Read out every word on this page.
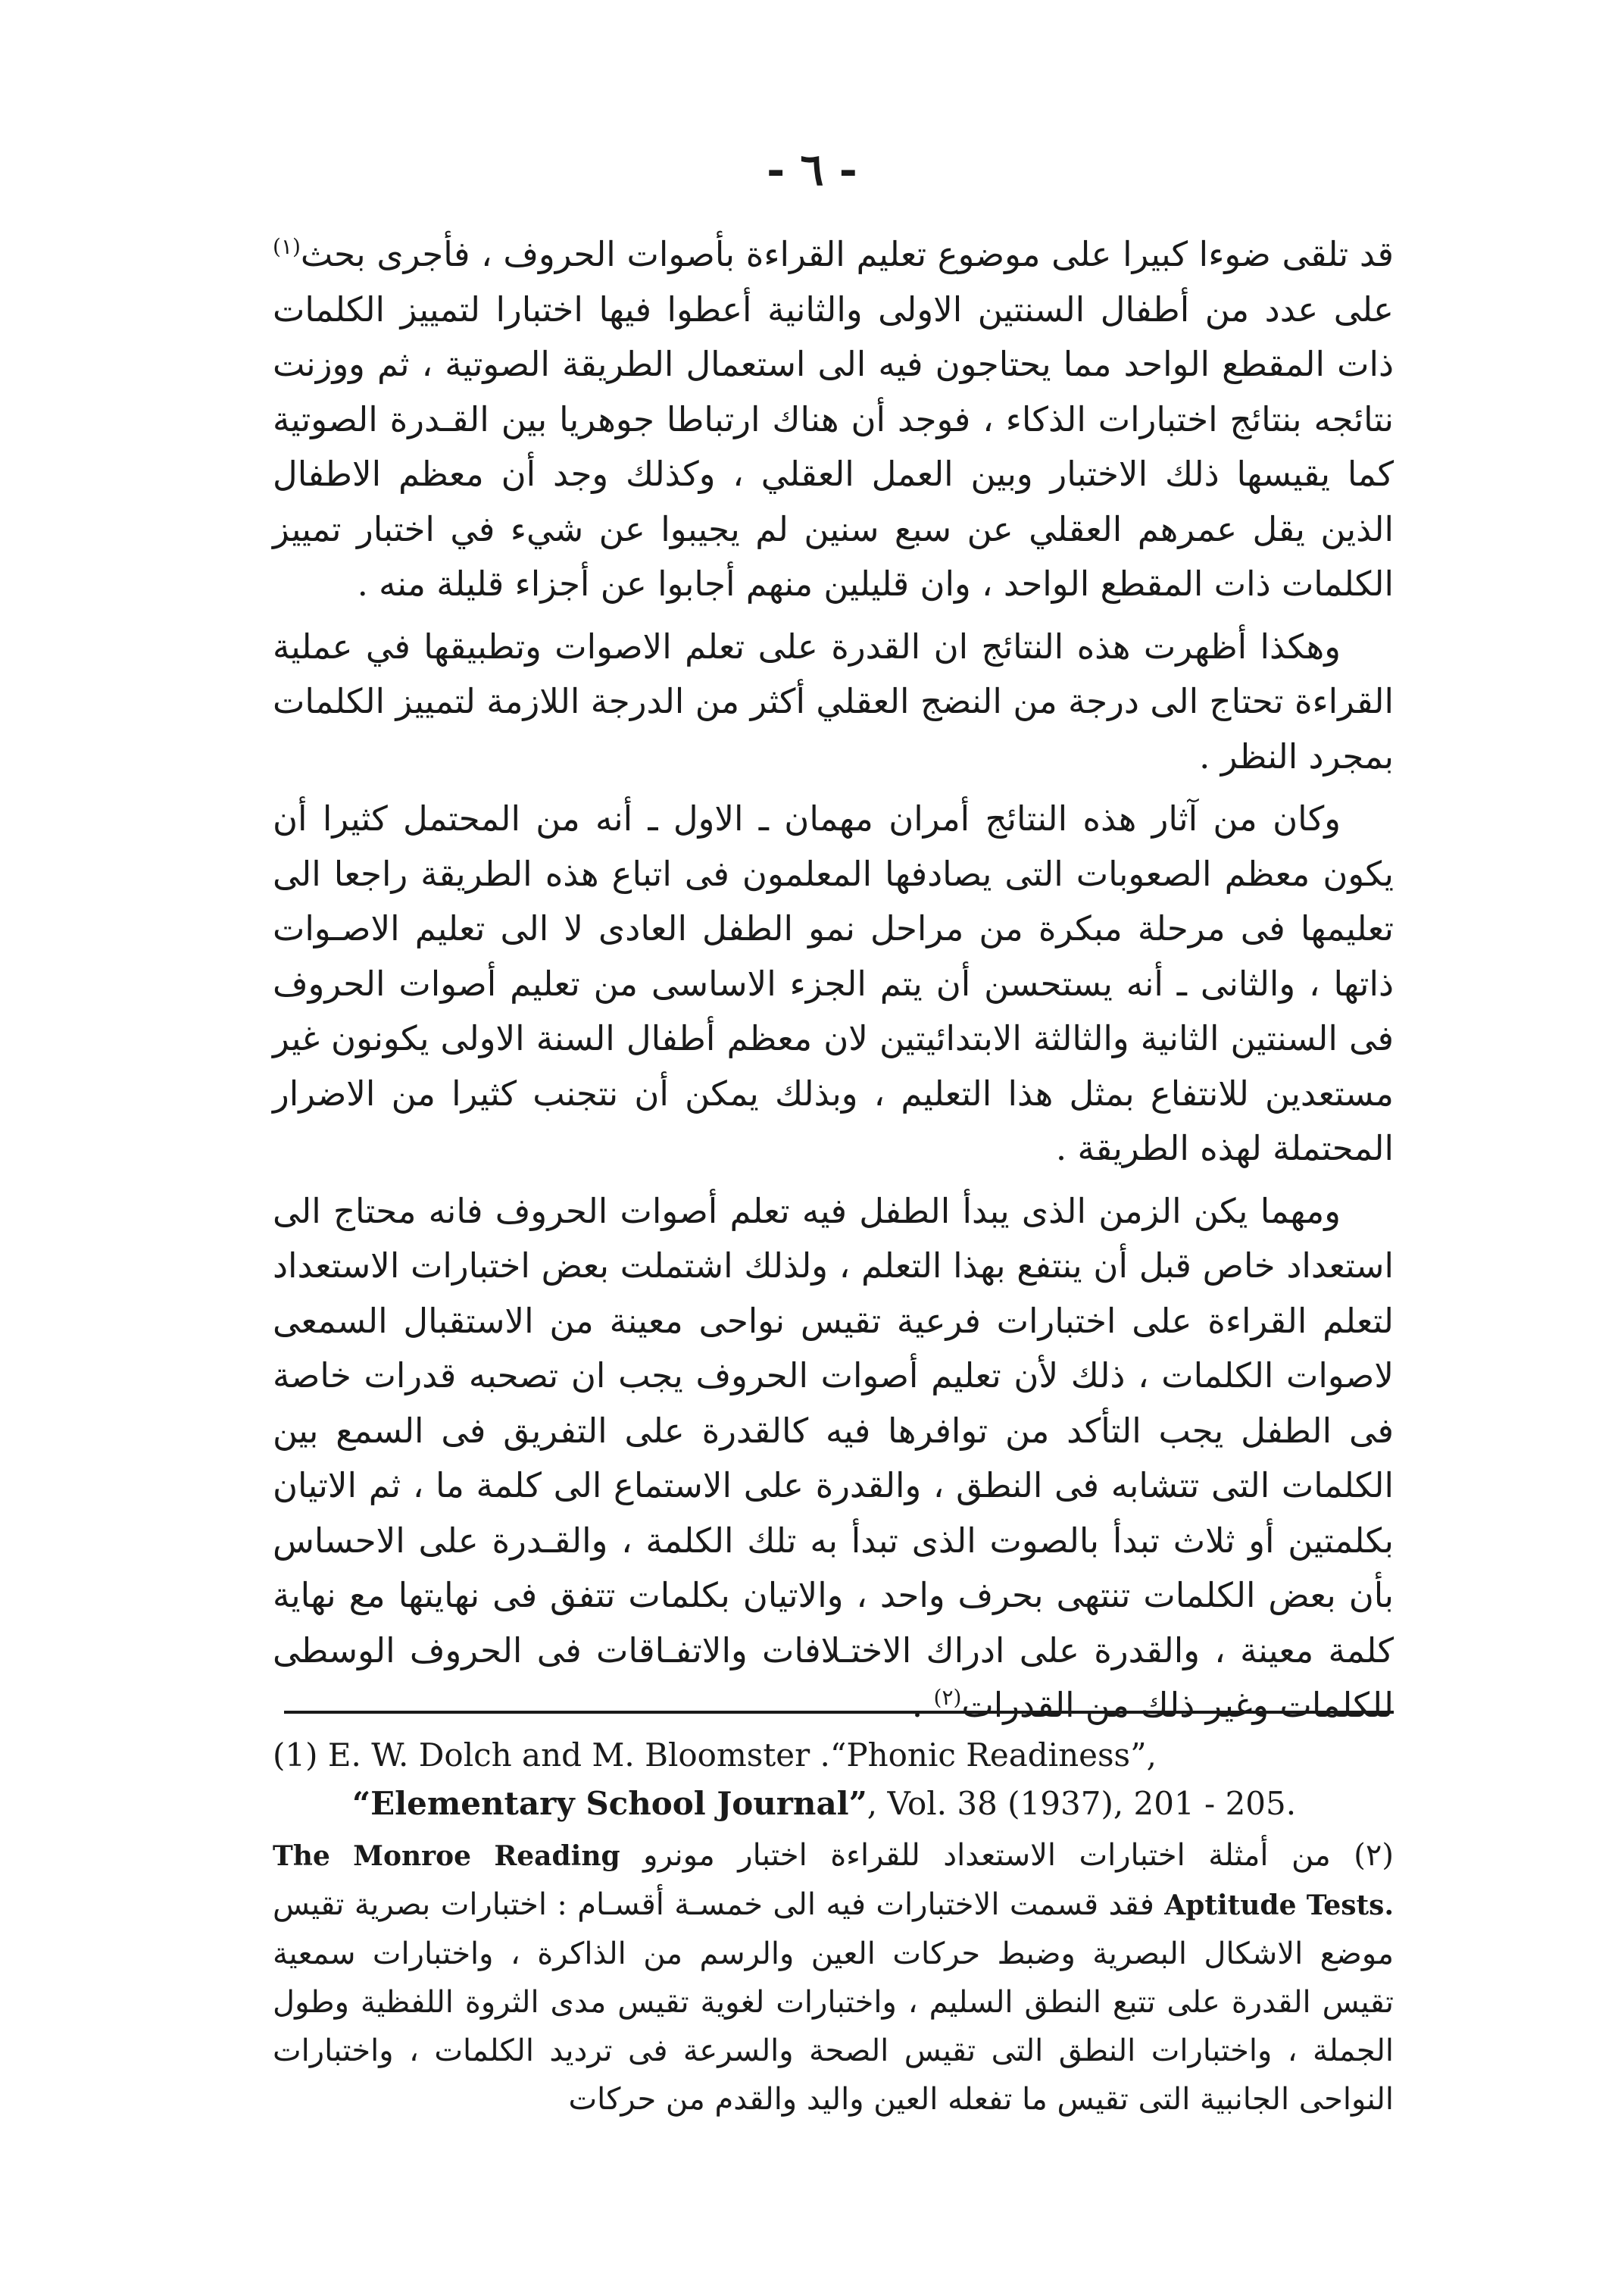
- ٦ -

قد تلقى ضوءا كبيرا على موضوع تعليم القراءة بأصوات الحروف ، فأجرى بحث$^{(١)}$ على عدد من أطفال السنتين الاولى والثانية أعطوا فيها اختبارا لتمييز الكلمات ذات المقطع الواحد مما يحتاجون فيه الى استعمال الطريقة الصوتية ، ثم ووزنت نتائجه بنتائج اختبارات الذكاء ، فوجد أن هناك ارتباطا جوهريا بين القـدرة الصوتية كما يقيسها ذلك الاختبار وبين العمل العقلي ، وكذلك وجد أن معظم الاطفال الذين يقل عمرهم العقلي عن سبع سنين لم يجيبوا عن شيء في اختبار تمييز الكلمات ذات المقطع الواحد ، وان قليلين منهم أجابوا عن أجزاء قليلة منه .

وهكذا أظهرت هذه النتائج ان القدرة على تعلم الاصوات وتطبيقها في عملية القراءة تحتاج الى درجة من النضج العقلي أكثر من الدرجة اللازمة لتمييز الكلمات بمجرد النظر .

وكان من آثار هذه النتائج أمران مهمان ـ الاول ـ أنه من المحتمل كثيرا أن يكون معظم الصعوبات التى يصادفها المعلمون فى اتباع هذه الطريقة راجعا الى تعليمها فى مرحلة مبكرة من مراحل نمو الطفل العادى لا الى تعليم الاصـوات ذاتها ، والثانى ـ أنه يستحسن أن يتم الجزء الاساسى من تعليم أصوات الحروف فى السنتين الثانية والثالثة الابتدائيتين لان معظم أطفال السنة الاولى يكونون غير مستعدين للانتفاع بمثل هذا التعليم ، وبذلك يمكن أن نتجنب كثيرا من الاضرار المحتملة لهذه الطريقة .

ومهما يكن الزمن الذى يبدأ الطفل فيه تعلم أصوات الحروف فانه محتاج الى استعداد خاص قبل أن ينتفع بهذا التعلم ، ولذلك اشتملت بعض اختبارات الاستعداد لتعلم القراءة على اختبارات فرعية تقيس نواحى معينة من الاستقبال السمعى لاصوات الكلمات ، ذلك لأن تعليم أصوات الحروف يجب ان تصحبه قدرات خاصة فى الطفل يجب التأكد من توافرها فيه كالقدرة على التفريق فى السمع بين الكلمات التى تتشابه فى النطق ، والقدرة على الاستماع الى كلمة ما ، ثم الاتيان بكلمتين أو ثلاث تبدأ بالصوت الذى تبدأ به تلك الكلمة ، والقـدرة على الاحساس بأن بعض الكلمات تنتهى بحرف واحد ، والاتيان بكلمات تتفق فى نهايتها مع نهاية كلمة معينة ، والقدرة على ادراك الاختـلافات والاتفـاقات فى الحروف الوسطى للكلمات وغير ذلك من القدرات$^{(٢)}$ .

(1) E. W. Dolch and M. Bloomster .“Phonic Readiness”,
“Elementary School Journal”, Vol. 38 (1937), 201 - 205.
(٢) من أمثلة اختبارات الاستعداد للقراءة اختبار مونرو The Monroe Reading Aptitude Tests. فقد قسمت الاختبارات فيه الى خمسـة أقسـام : اختبارات بصرية تقيس موضع الاشكال البصرية وضبط حركات العين والرسم من الذاكرة ، واختبارات سمعية تقيس القدرة على تتبع النطق السليم ، واختبارات لغوية تقيس مدى الثروة اللفظية وطول الجملة ، واختبارات النطق التى تقيس الصحة والسرعة فى ترديد الكلمات ، واختبارات النواحى الجانبية التى تقيس ما تفعله العين واليد والقدم من حركات
